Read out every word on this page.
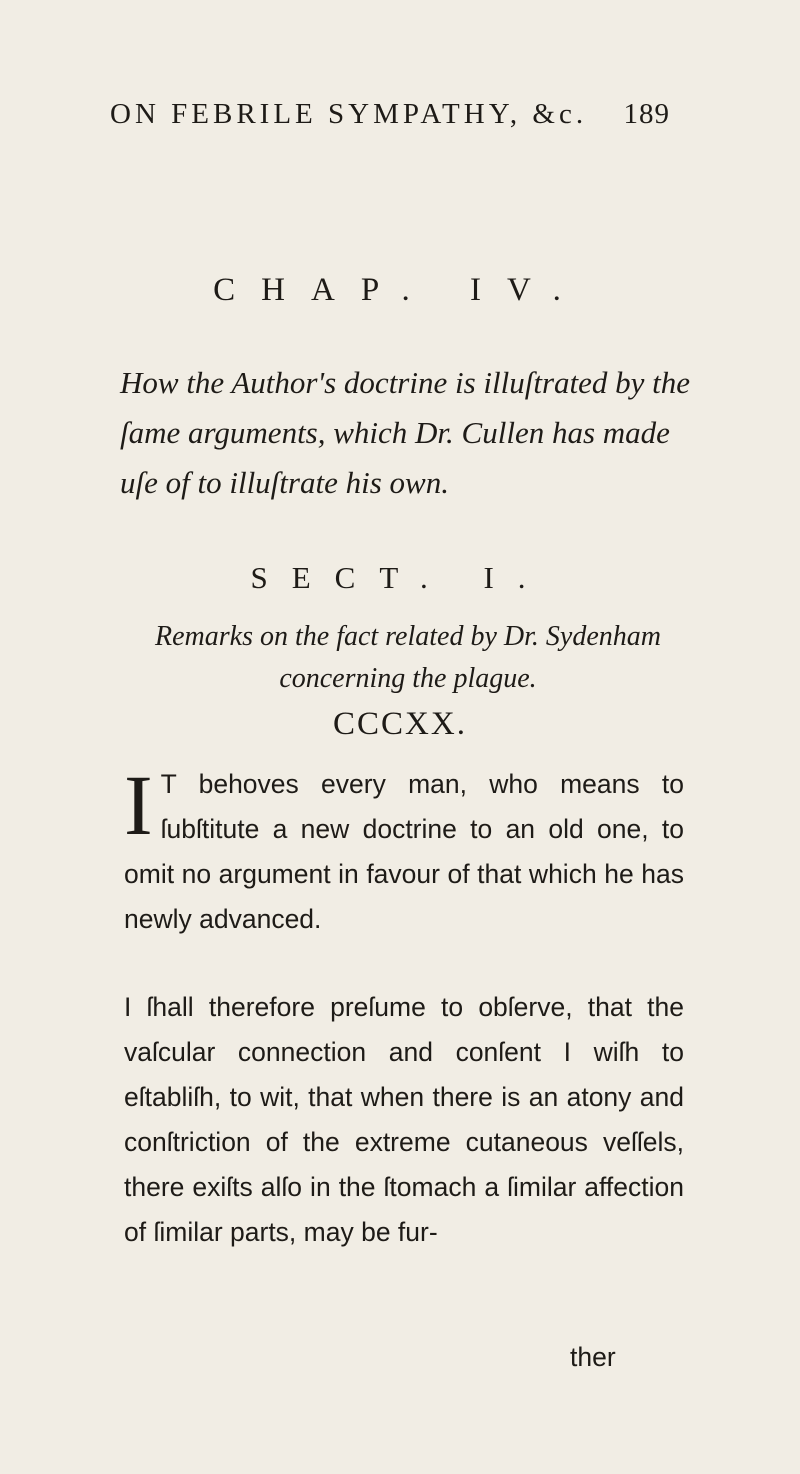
ON FEBRILE SYMPATHY, &c. 189
CHAP. IV.
How the Author's doctrine is illuſtrated by the ſame arguments, which Dr. Cullen has made uſe of to illuſtrate his own.
SECT. I.
Remarks on the fact related by Dr. Sydenham concerning the plague.
CCCXX.
I T behoves every man, who means to ſubſtitute a new doctrine to an old one, to omit no argument in favour of that which he has newly advanced.
I ſhall therefore preſume to obſerve, that the vaſcular connection and conſent I wiſh to eſtabliſh, to wit, that when there is an atony and conſtriction of the extreme cutaneous veſſels, there exiſts alſo in the ſtomach a ſimilar affection of ſimilar parts, may be fur-
ther
